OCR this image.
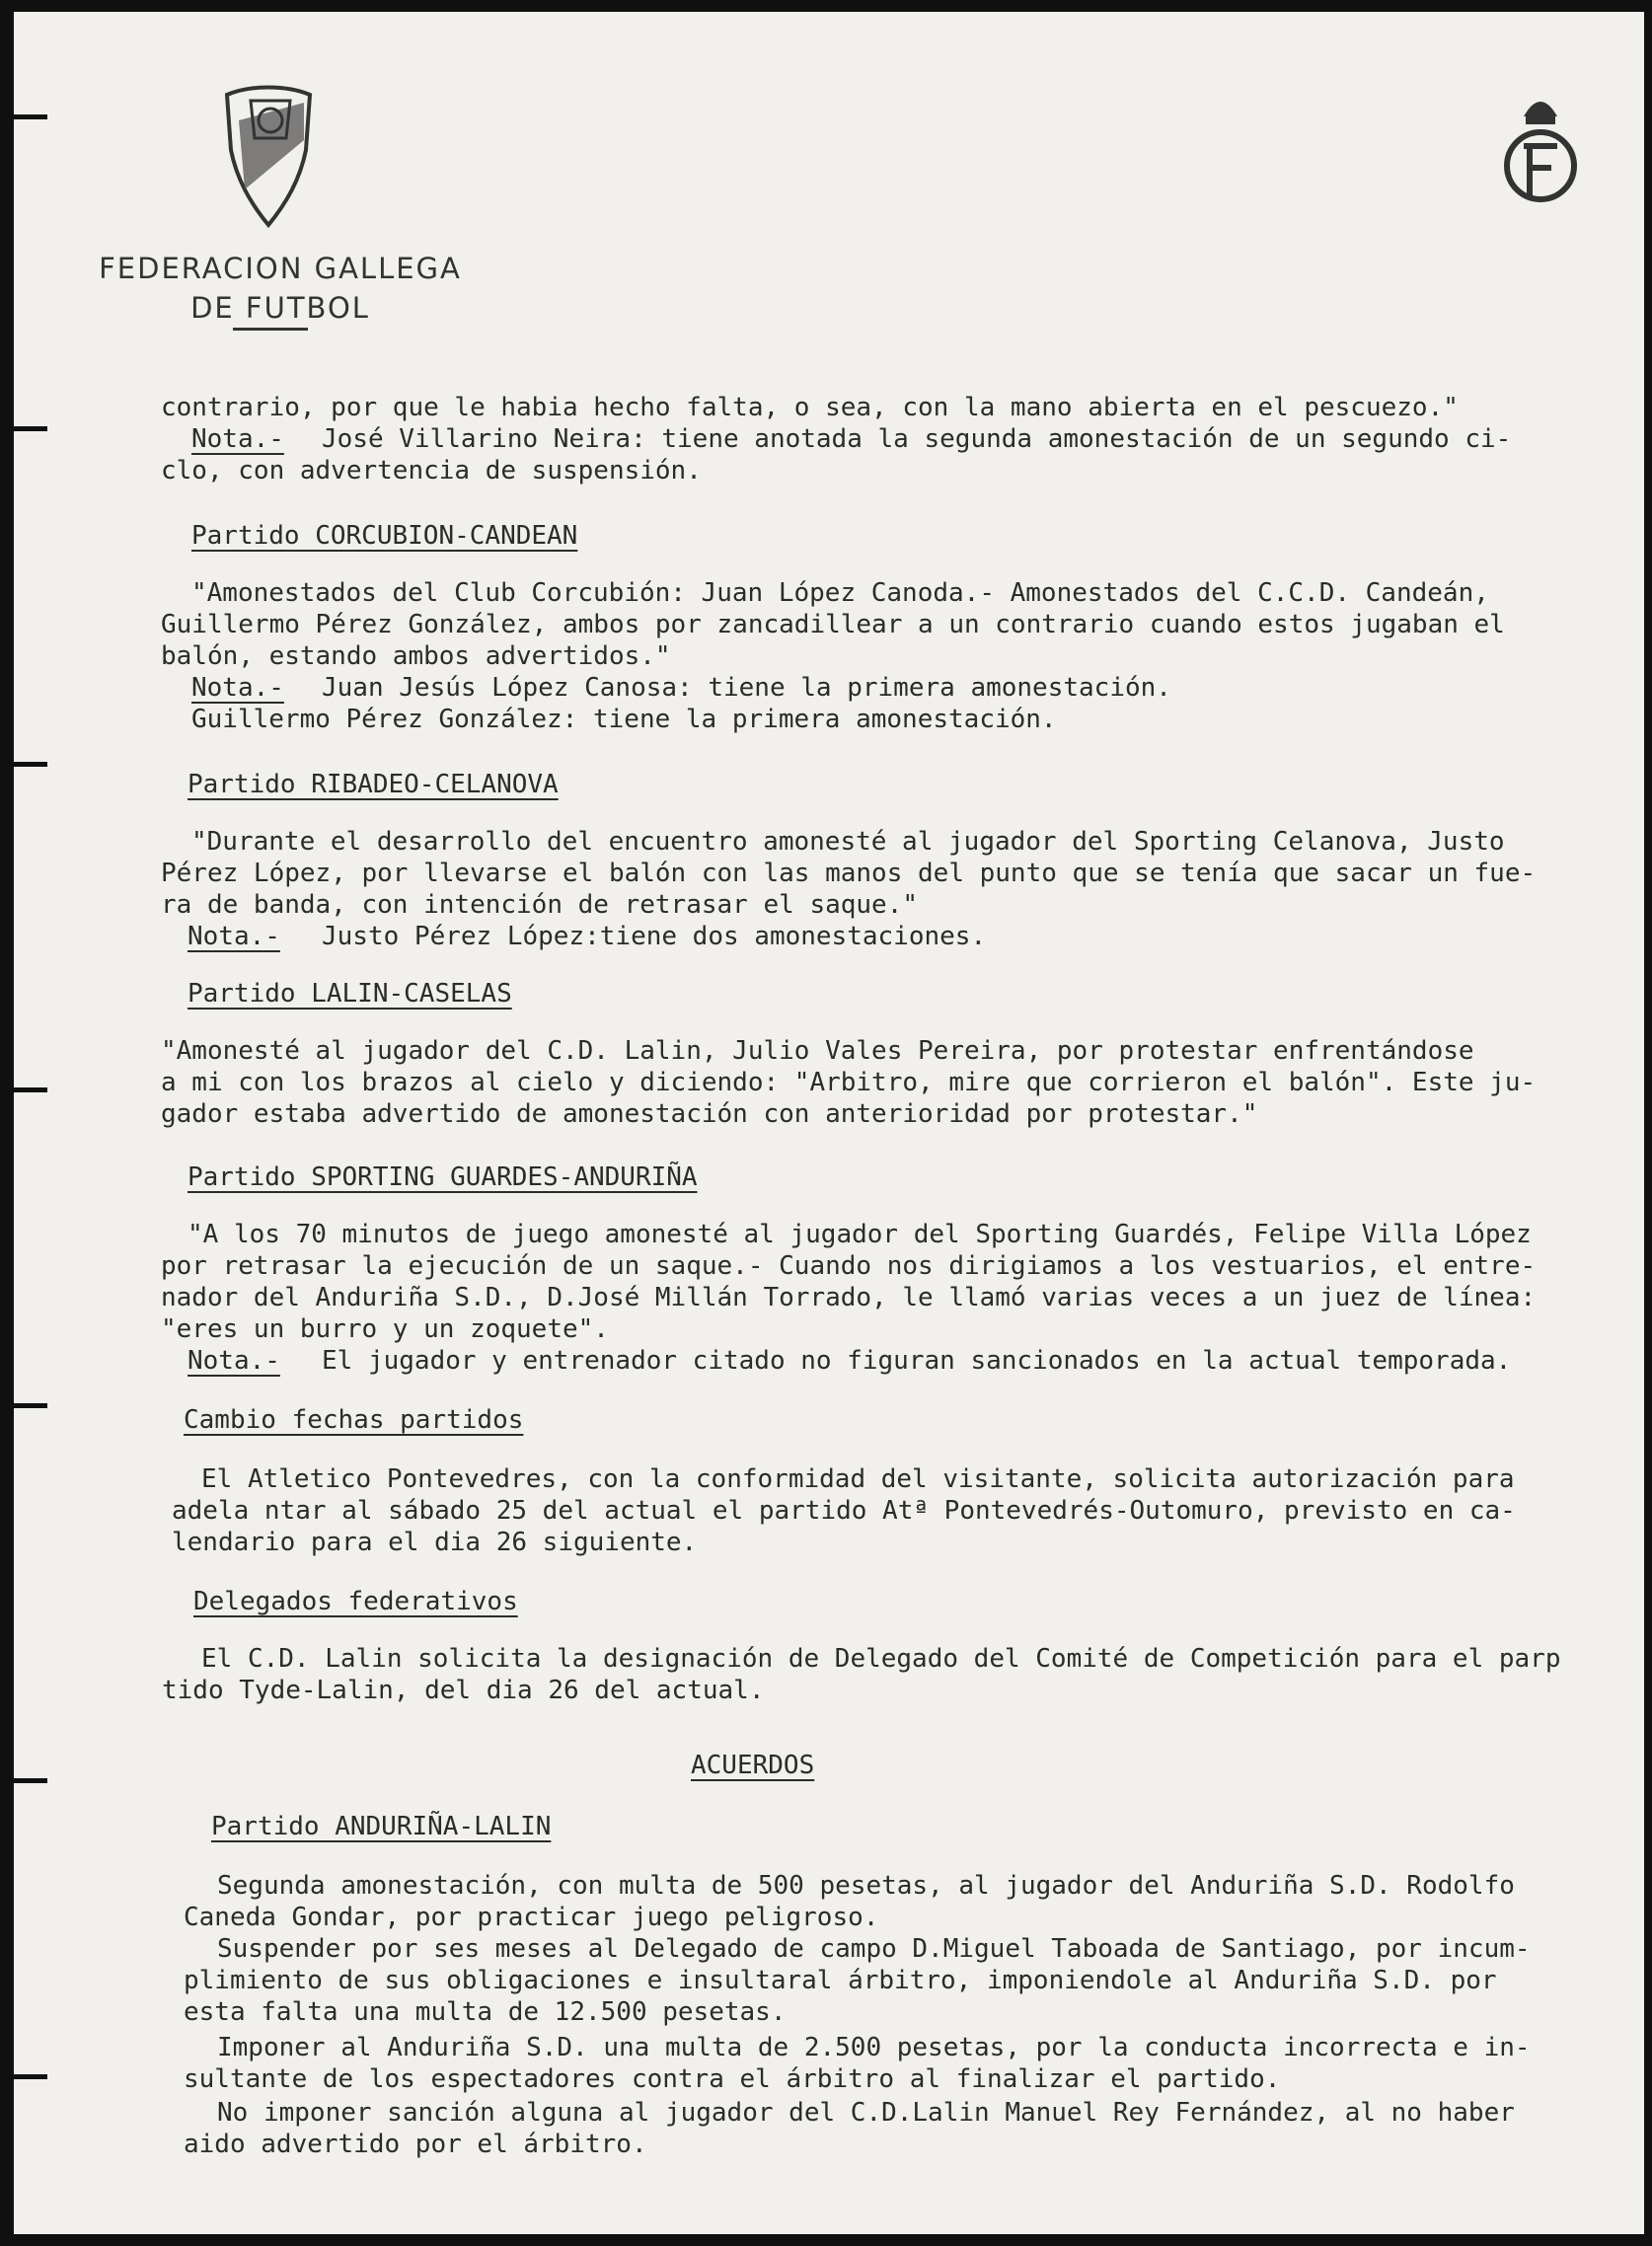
FEDERACION GALLEGA
DE FUTBOL
contrario, por que le habia hecho falta, o sea, con la mano abierta en el pescuezo."
Nota.- José Villarino Neira: tiene anotada la segunda amonestación de un segundo ci-
clo, con advertencia de suspensión.
Partido CORCUBION-CANDEAN
"Amonestados del Club Corcubión: Juan López Canoda.- Amonestados del C.C.D. Candeán,
Guillermo Pérez González, ambos por zancadillear a un contrario cuando estos jugaban el
balón, estando ambos advertidos."
Nota.- Juan Jesús López Canosa: tiene la primera amonestación.
Guillermo Pérez González: tiene la primera amonestación.
Partido RIBADEO-CELANOVA
"Durante el desarrollo del encuentro amonesté al jugador del Sporting Celanova, Justo
Pérez López, por llevarse el balón con las manos del punto que se tenía que sacar un fue-
ra de banda, con intención de retrasar el saque."
Nota.- Justo Pérez López:tiene dos amonestaciones.
Partido LALIN-CASELAS
"Amonesté al jugador del C.D. Lalin, Julio Vales Pereira, por protestar enfrentándose
a mi con los brazos al cielo y diciendo: "Arbitro, mire que corrieron el balón". Este ju-
gador estaba advertido de amonestación con anterioridad por protestar."
Partido SPORTING GUARDES-ANDURIÑA
"A los 70 minutos de juego amonesté al jugador del Sporting Guardés, Felipe Villa López
por retrasar la ejecución de un saque.- Cuando nos dirigiamos a los vestuarios, el entre-
nador del Anduriña S.D., D.José Millán Torrado, le llamó varias veces a un juez de línea:
"eres un burro y un zoquete".
Nota.- El jugador y entrenador citado no figuran sancionados en la actual temporada.
Cambio fechas partidos
El Atletico Pontevedres, con la conformidad del visitante, solicita autorización para
adela ntar al sábado 25 del actual el partido Atª Pontevedrés-Outomuro, previsto en ca-
lendario para el dia 26 siguiente.
Delegados federativos
El C.D. Lalin solicita la designación de Delegado del Comité de Competición para el parp
tido Tyde-Lalin, del dia 26 del actual.
ACUERDOS
Partido ANDURIÑA-LALIN
Segunda amonestación, con multa de 500 pesetas, al jugador del Anduriña S.D. Rodolfo
Caneda Gondar, por practicar juego peligroso.
Suspender por ses meses al Delegado de campo D.Miguel Taboada de Santiago, por incum-
plimiento de sus obligaciones e insultaral árbitro, imponiendole al Anduriña S.D. por
esta falta una multa de 12.500 pesetas.
Imponer al Anduriña S.D. una multa de 2.500 pesetas, por la conducta incorrecta e in-
sultante de los espectadores contra el árbitro al finalizar el partido.
No imponer sanción alguna al jugador del C.D.Lalin Manuel Rey Fernández, al no haber
aido advertido por el árbitro.
